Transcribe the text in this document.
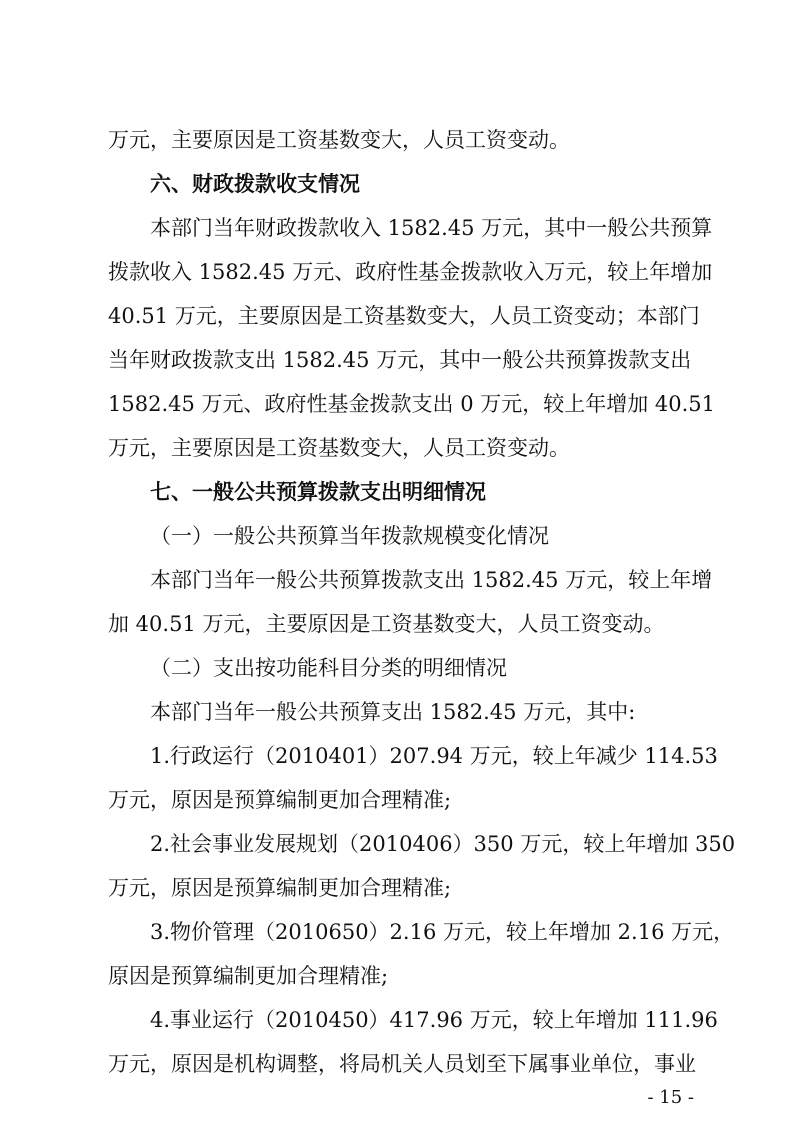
万元，主要原因是工资基数变大，人员工资变动。
六、财政拨款收支情况
本部门当年财政拨款收入 1582.45 万元，其中一般公共预算
拨款收入 1582.45 万元、政府性基金拨款收入万元，较上年增加
40.51 万元，主要原因是工资基数变大，人员工资变动；本部门
当年财政拨款支出 1582.45 万元，其中一般公共预算拨款支出
1582.45 万元、政府性基金拨款支出 0 万元，较上年增加 40.51
万元，主要原因是工资基数变大，人员工资变动。
七、一般公共预算拨款支出明细情况
（一）一般公共预算当年拨款规模变化情况
本部门当年一般公共预算拨款支出 1582.45 万元，较上年增
加 40.51 万元，主要原因是工资基数变大，人员工资变动。
（二）支出按功能科目分类的明细情况
本部门当年一般公共预算支出 1582.45 万元，其中:
1.行政运行（2010401）207.94 万元，较上年减少 114.53
万元，原因是预算编制更加合理精准;
2.社会事业发展规划（2010406）350 万元，较上年增加 350
万元，原因是预算编制更加合理精准;
3.物价管理（2010650）2.16 万元，较上年增加 2.16 万元，
原因是预算编制更加合理精准;
4.事业运行（2010450）417.96 万元，较上年增加 111.96
万元，原因是机构调整，将局机关人员划至下属事业单位，事业
- 15 -
